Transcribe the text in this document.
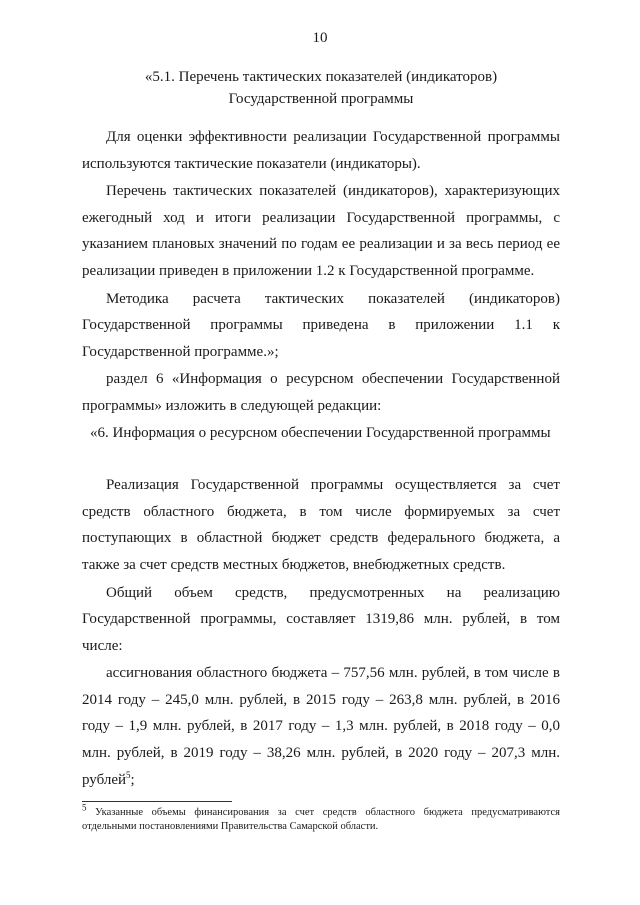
10
«5.1. Перечень тактических показателей (индикаторов)
Государственной программы

Для оценки эффективности реализации Государственной программы используются тактические показатели (индикаторы).

Перечень тактических показателей (индикаторов), характеризующих ежегодный ход и итоги реализации Государственной программы, с указанием плановых значений по годам ее реализации и за весь период ее реализации приведен в приложении 1.2 к Государственной программе.

Методика расчета тактических показателей (индикаторов) Государственной программы приведена в приложении 1.1 к Государственной программе.»;

раздел 6 «Информация о ресурсном обеспечении Государственной программы» изложить в следующей редакции:

«6. Информация о ресурсном обеспечении Государственной программы

Реализация Государственной программы осуществляется за счет средств областного бюджета, в том числе формируемых за счет поступающих в областной бюджет средств федерального бюджета, а также за счет средств местных бюджетов, внебюджетных средств.

Общий объем средств, предусмотренных на реализацию Государственной программы, составляет 1319,86 млн. рублей, в том числе:

ассигнования областного бюджета – 757,56 млн. рублей, в том числе в 2014 году – 245,0 млн. рублей, в 2015 году – 263,8 млн. рублей, в 2016 году – 1,9 млн. рублей, в 2017 году – 1,3 млн. рублей, в 2018 году – 0,0 млн. рублей, в 2019 году – 38,26 млн. рублей, в 2020 году – 207,3 млн. рублей$^5$;

$^5$ Указанные объемы финансирования за счет средств областного бюджета предусматриваются отдельными постановлениями Правительства Самарской области.
